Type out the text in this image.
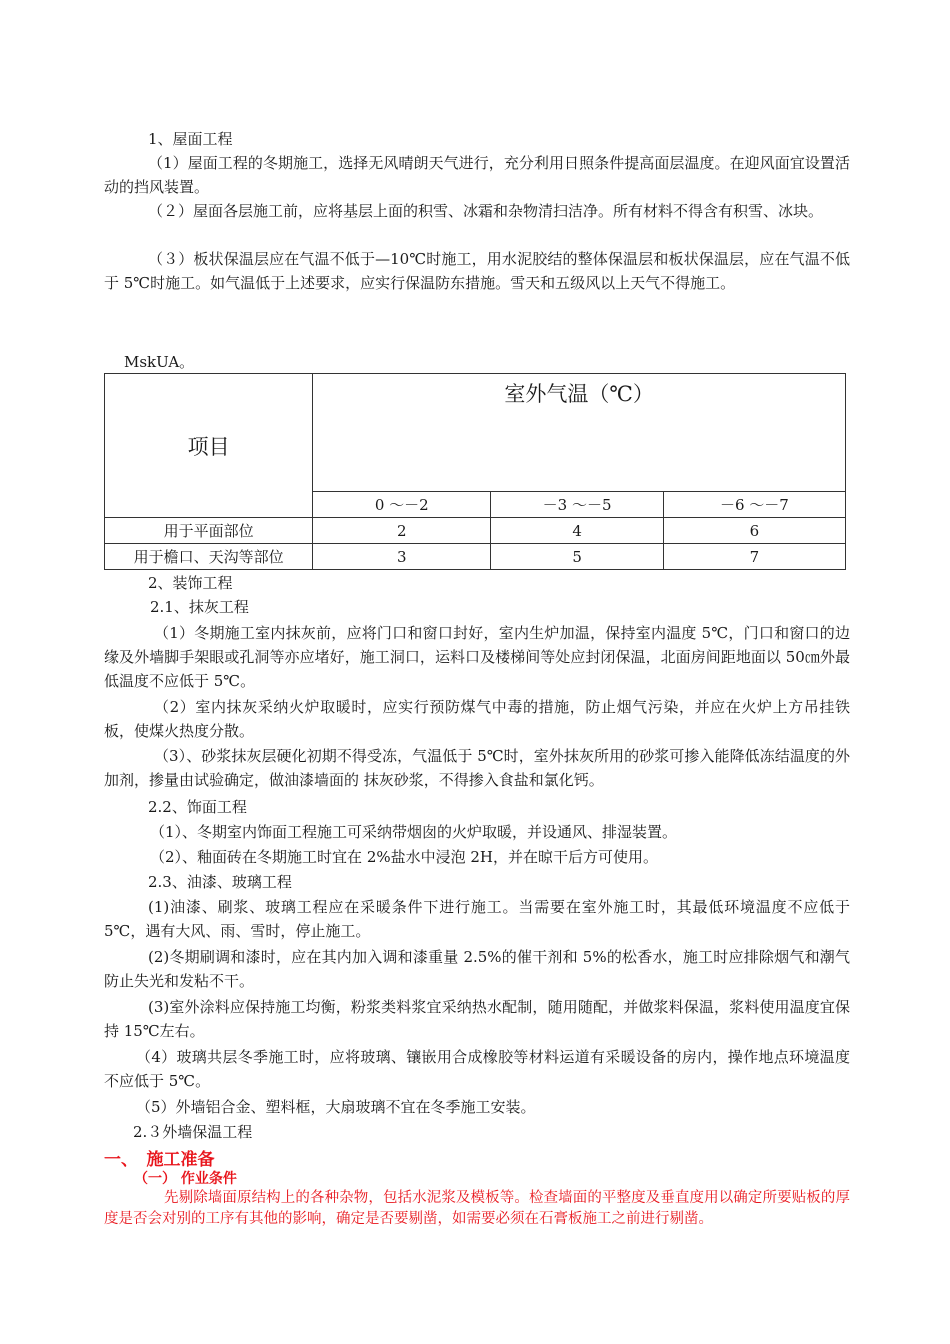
1、屋面工程
（1）屋面工程的冬期施工，选择无风晴朗天气进行，充分利用日照条件提高面层温度。在迎风面宜设置活动的挡风装置。
（２）屋面各层施工前，应将基层上面的积雪、冰霜和杂物清扫洁净。所有材料不得含有积雪、冰块。
（３）板状保温层应在气温不低于—10℃时施工，用水泥胶结的整体保温层和板状保温层，应在气温不低于 5℃时施工。如气温低于上述要求，应实行保温防东措施。雪天和五级风以上天气不得施工。
MskUA。
项目	室外气温（℃）		
	0 ～－2	－3 ～－5	－6 ～－7
用于平面部位	2	4	6
用于檐口、天沟等部位	3	5	7
2、装饰工程
2.1、抹灰工程
（1）冬期施工室内抹灰前，应将门口和窗口封好，室内生炉加温，保持室内温度 5℃，门口和窗口的边缘及外墙脚手架眼或孔洞等亦应堵好，施工洞口，运料口及楼梯间等处应封闭保温，北面房间距地面以 50㎝外最低温度不应低于 5℃。
（2）室内抹灰采纳火炉取暖时，应实行预防煤气中毒的措施，防止烟气污染，并应在火炉上方吊挂铁板，使煤火热度分散。
（3）、砂浆抹灰层硬化初期不得受冻，气温低于 5℃时，室外抹灰所用的砂浆可掺入能降低冻结温度的外加剂，掺量由试验确定，做油漆墙面的 抹灰砂浆，不得掺入食盐和氯化钙。
2.2、饰面工程
（1）、冬期室内饰面工程施工可采纳带烟囱的火炉取暖，并设通风、排湿装置。
（2）、釉面砖在冬期施工时宜在 2%盐水中浸泡 2H，并在晾干后方可使用。
2.3、油漆、玻璃工程
(1)油漆、刷浆、玻璃工程应在采暖条件下进行施工。当需要在室外施工时，其最低环境温度不应低于 5℃，遇有大风、雨、雪时，停止施工。
(2)冬期刷调和漆时，应在其内加入调和漆重量 2.5%的催干剂和 5%的松香水，施工时应排除烟气和潮气防止失光和发粘不干。
(3)室外涂料应保持施工均衡，粉浆类料浆宜采纳热水配制，随用随配，并做浆料保温，浆料使用温度宜保持 15℃左右。
（4）玻璃共层冬季施工时，应将玻璃、镶嵌用合成橡胶等材料运道有采暖设备的房内，操作地点环境温度不应低于 5℃。
（5）外墙铝合金、塑料框，大扇玻璃不宜在冬季施工安装。
2.３外墙保温工程
一、　施工准备
（一） 作业条件
先剔除墙面原结构上的各种杂物，包括水泥浆及模板等。检查墙面的平整度及垂直度用以确定所要贴板的厚度是否会对别的工序有其他的影响，确定是否要剔凿，如需要必须在石膏板施工之前进行剔凿。
